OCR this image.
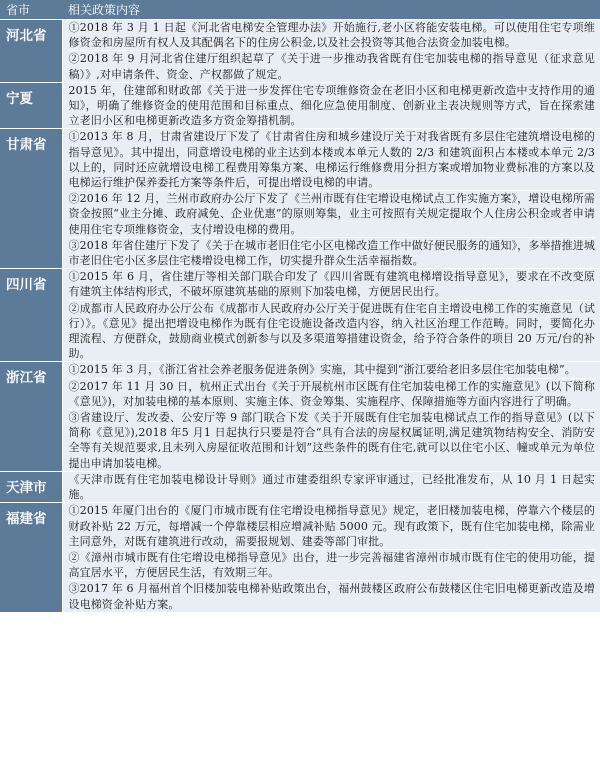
省市	相关政策内容
河北省	①2018 年 3 月 1 日起《河北省电梯安全管理办法》开始施行,老小区将能安装电梯。可以使用住宅专项维修资金和房屋所有权人及其配偶名下的住房公积金,以及社会投资等其他合法资金加装电梯。

②2018 年 9 月河北省住建厅组织起草了《关于进一步推动我省既有住宅加装电梯的指导意见（征求意见稿）》,对申请条件、资金、产权都做了规定。

宁夏	2015 年，住建部和财政部《关于进一步发挥住宅专项维修资金在老旧小区和电梯更新改造中支持作用的通知》，明确了维修资金的使用范围和目标重点、细化应急使用制度、创新业主表决规则等方式，旨在探索建立老旧小区和电梯更新改造多方资金筹措机制。

甘肃省	①2013 年 8 月，甘肃省建设厅下发了《甘肃省住房和城乡建设厅关于对我省既有多层住宅建筑增设电梯的指导意见》。其中提出，同意增设电梯的业主达到本楼或本单元人数的 2/3 和建筑面积占本楼或本单元 2/3 以上的，同时还应就增设电梯工程费用筹集方案、电梯运行维修费用分担方案或增加物业费标准的方案以及电梯运行维护保养委托方案等条件后，可提出增设电梯的申请。

②2016 年 12 月，兰州市政府办公厅下发了《兰州市既有住宅增设电梯试点工作实施方案》，增设电梯所需资金按照“业主分摊、政府减免、企业优惠”的原则筹集，业主可按照有关规定提取个人住房公积金或者申请使用住宅专项维修资金，支付增设电梯的费用。

③2018 年省住建厅下发了《关于在城市老旧住宅小区电梯改造工作中做好便民服务的通知》，多举措推进城市老旧住宅小区多层住宅楼增设电梯工作，切实提升群众生活幸福指数。

四川省	①2015 年 6 月，省住建厅等相关部门联合印发了《四川省既有建筑电梯增设指导意见》，要求在不改变原有建筑主体结构形式，不破坏原建筑基础的原则下加装电梯，方便居民出行。

②成都市人民政府办公厅公布《成都市人民政府办公厅关于促进既有住宅自主增设电梯工作的实施意见（试行）》。《意见》提出把增设电梯作为既有住宅设施设备改造内容，纳入社区治理工作范畴。同时，要简化办理流程、方便群众，鼓励商业模式创新参与以及多渠道筹措建设资金，给予符合条件的项目 20 万元/台的补助。

浙江省	①2015 年 3 月，《浙江省社会养老服务促进条例》实施，其中提到“浙江要给老旧多层住宅加装电梯”。

②2017 年 11 月 30 日，杭州正式出台《关于开展杭州市区既有住宅加装电梯工作的实施意见》(以下简称《意见》)，对加装电梯的基本原则、实施主体、资金筹集、实施程序、保障措施等方面内容进行了明确。

③省建设厅、发改委、公安厅等 9 部门联合下发《关于开展既有住宅加装电梯试点工作的指导意见》(以下简称《意见》),2018 年5 月1 日起执行只要是符合“具有合法的房屋权属证明,满足建筑物结构安全、消防安全等有关规范要求,且未列入房屋征收范围和计划”这些条件的既有住宅,就可以以住宅小区、幢或单元为单位提出申请加装电梯。

天津市	《天津市既有住宅加装电梯设计导则》通过市建委组织专家评审通过，已经批准发布，从 10 月 1 日起实施。

福建省	①2015 年厦门出台的《厦门市城市既有住宅增设电梯指导意见》规定，老旧楼加装电梯，停靠六个楼层的财政补贴 22 万元，每增减一个停靠楼层相应增减补贴 5000 元。现有政策下，既有住宅加装电梯，除需业主同意外，对既有建筑进行改动，需要报规划、建委等部门审批。

②《漳州市城市既有住宅增设电梯指导意见》出台，进一步完善福建省漳州市城市既有住宅的使用功能，提高宜居水平，方便居民生活，有效期三年。

③2017 年 6 月福州首个旧楼加装电梯补贴政策出台，福州鼓楼区政府公布鼓楼区住宅旧电梯更新改造及增设电梯资金补贴方案。
